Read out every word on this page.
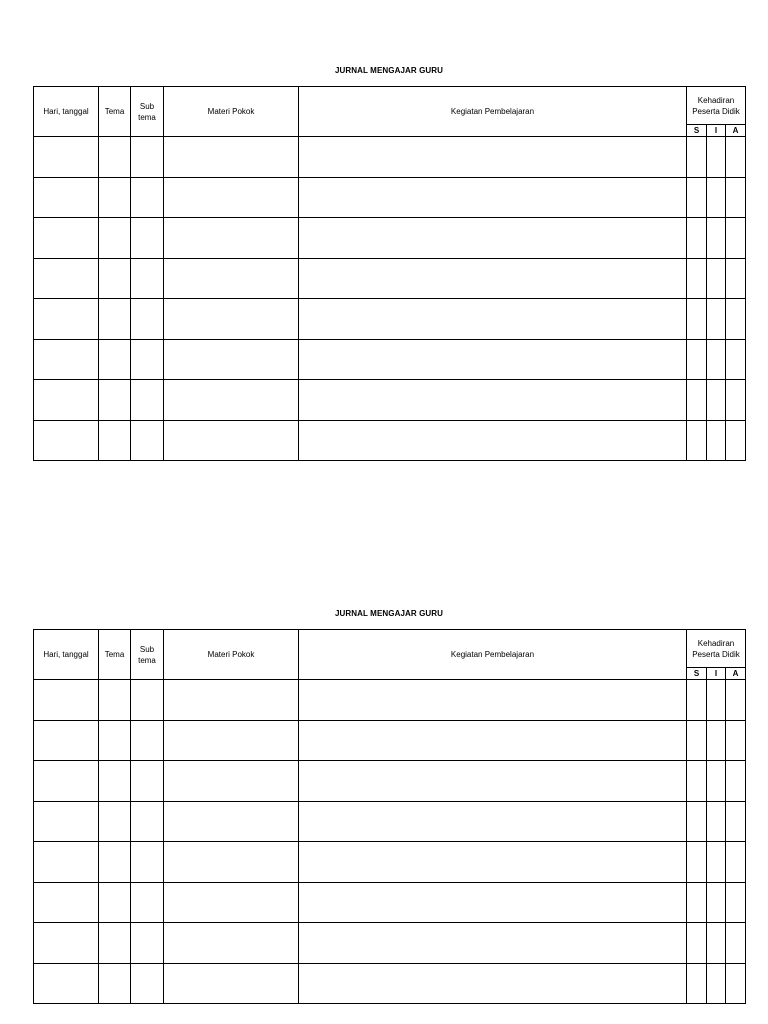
JURNAL MENGAJAR GURU
Hari, tanggal	Tema	Sub tema	Materi Pokok	Kegiatan Pembelajaran	Kehadiran Peserta Didik		
					S	I	A

JURNAL MENGAJAR GURU
Hari, tanggal	Tema	Sub tema	Materi Pokok	Kegiatan Pembelajaran	Kehadiran Peserta Didik		
					S	I	A
